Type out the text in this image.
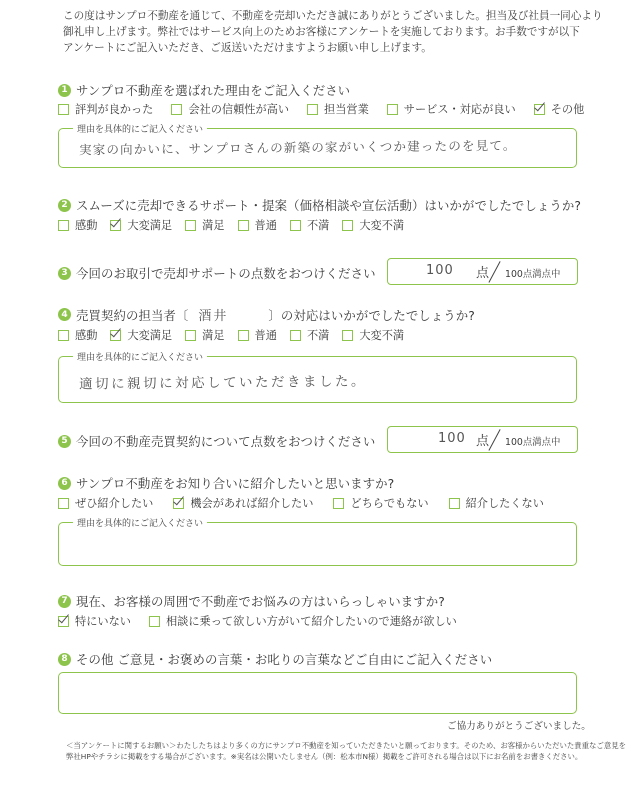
この度はサンプロ不動産を通じて、不動産を売却いただき誠にありがとうございました。担当及び社員一同心より
御礼申し上げます。弊社ではサービス向上のためお客様にアンケートを実施しております。お手数ですが以下
アンケートにご記入いただき、ご返送いただけますようお願い申し上げます。
1 サンプロ不動産を選ばれた理由をご記入ください
評判が良かった	会社の信頼性が高い	担当営業	サービス・対応が良い	その他
理由を具体的にご記入ください
実家の向かいに、サンプロさんの新築の家がいくつか建ったのを見て。
2 スムーズに売却できるサポート・提案（価格相談や宣伝活動）はいかがでしたでしょうか?
感動	大変満足	満足	普通	不満	大変不満
3 今回のお取引で売却サポートの点数をおつけください	100 点 100点満点中
4 売買契約の担当者〔 酒井	〕の対応はいかがでしたでしょうか?
感動	大変満足	満足	普通	不満	大変不満
理由を具体的にご記入ください
適切に親切に対応していただきました。
5 今回の不動産売買契約について点数をおつけください	100 点 100点満点中
6 サンプロ不動産をお知り合いに紹介したいと思いますか?
ぜひ紹介したい	機会があれば紹介したい	どちらでもない	紹介したくない
理由を具体的にご記入ください
7 現在、お客様の周囲で不動産でお悩みの方はいらっしゃいますか?
特にいない	相談に乗って欲しい方がいて紹介したいので連絡が欲しい
8 その他 ご意見・お褒めの言葉・お叱りの言葉などご自由にご記入ください
ご協力ありがとうございました。
＜当アンケートに関するお願い＞わたしたちはより多くの方にサンプロ不動産を知っていただきたいと願っております。そのため、お客様からいただいた貴重なご意見を
弊社HPやチラシに掲載をする場合がございます。※実名は公開いたしません（例：松本市N様）掲載をご許可される場合は以下にお名前をお書きください。
